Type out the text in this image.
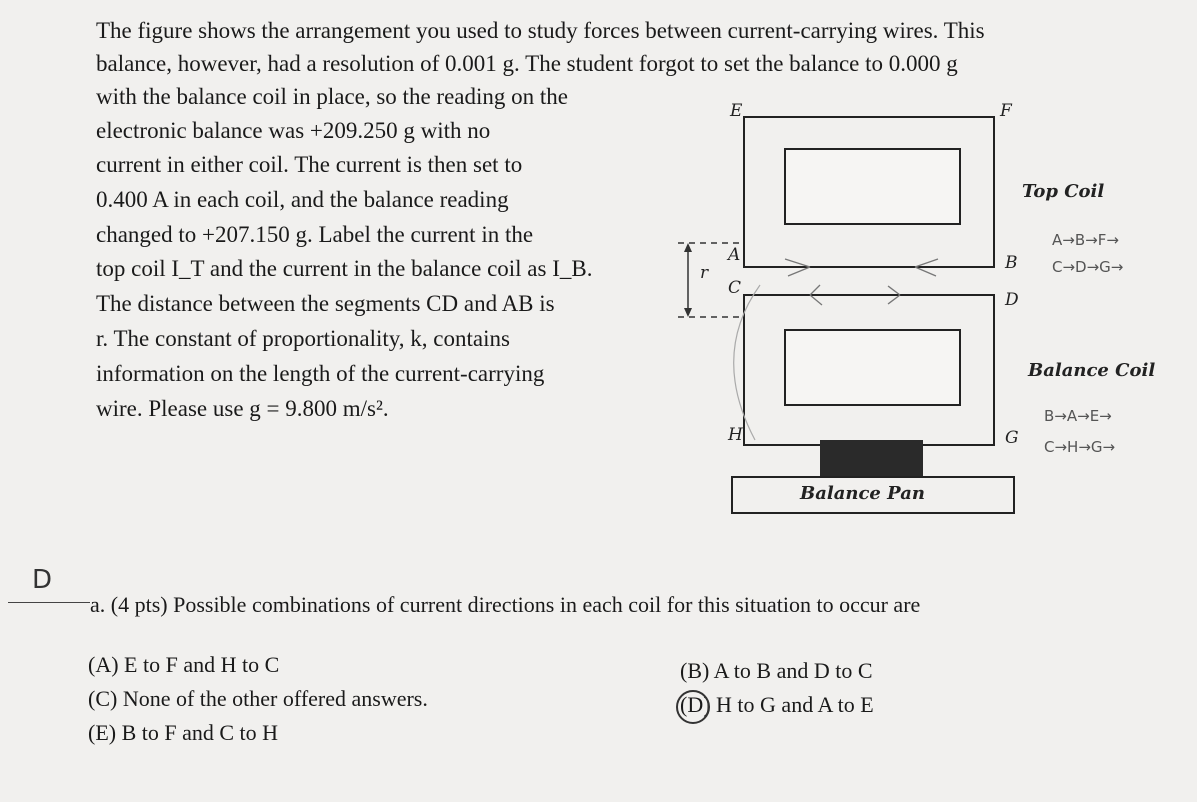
The figure shows the arrangement you used to study forces between current-carrying wires. This
balance, however, had a resolution of 0.001 g. The student forgot to set the balance to 0.000 g
with the balance coil in place, so the reading on the
electronic balance was +209.250 g with no
current in either coil. The current is then set to
0.400 A in each coil, and the balance reading
changed to +207.150 g. Label the current in the
top coil I_T and the current in the balance coil as I_B.
The distance between the segments CD and AB is
r. The constant of proportionality, k, contains
information on the length of the current-carrying
wire. Please use g = 9.800 m/s².
E	F
A	B
C
D
H	G
r
Top Coil
Balance Coil
Balance Pan
A→B→F→
C→D→G→
B→A→E→
C→H→G→
D
a. (4 pts) Possible combinations of current directions in each coil for this situation to occur are
(A) E to F and H to C
(C) None of the other offered answers.
(E) B to F and C to H
(B) A to B and D to C
(D) H to G and A to E
